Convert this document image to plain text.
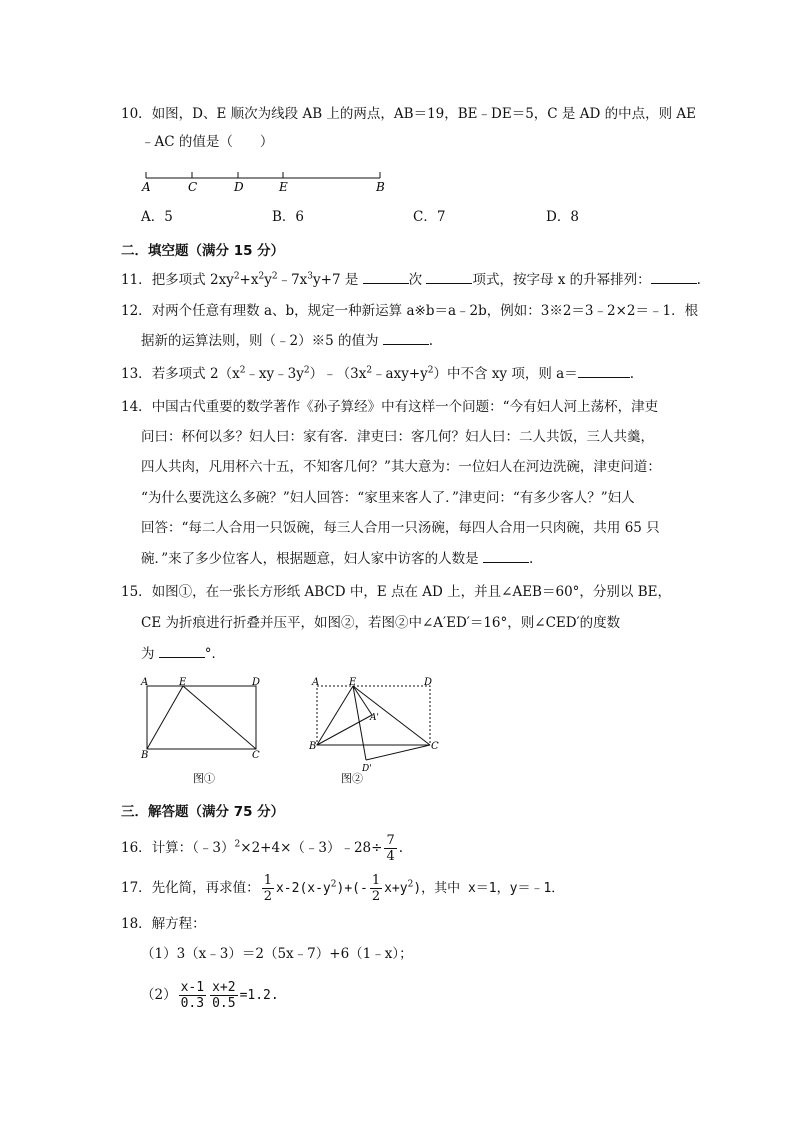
10．如图，D、E 顺次为线段 AB 上的两点，AB＝19，BE﹣DE＝5，C 是 AD 的中点，则 AE
﹣AC 的值是（　　）
A	C	D	E	B
A．5	B．6	C．7	D．8
二．填空题（满分 15 分）
11．把多项式 $2xy^2+x^2y^2﹣7x^3y+7$ 是	次	项式，按字母 x 的升幂排列：	.
12．对两个任意有理数 a、b，规定一种新运算 a※b＝a﹣2b，例如：3※2＝3﹣2×2＝﹣1．根
据新的运算法则，则（﹣2）※5 的值为	.
13．若多项式 $2(x^2﹣xy﹣3y^2)﹣(3x^2﹣axy+y^2)$中不含 xy 项，则 a＝	.
14．中国古代重要的数学著作《孙子算经》中有这样一个问题：“今有妇人河上荡杯，津吏
问曰：杯何以多？妇人曰：家有客．津吏曰：客几何？妇人曰：二人共饭，三人共羹，
四人共肉，凡用杯六十五，不知客几何？”其大意为：一位妇人在河边洗碗，津吏问道：
“为什么要洗这么多碗？”妇人回答：“家里来客人了．”津吏问：“有多少客人？”妇人
回答：“每二人合用一只饭碗，每三人合用一只汤碗，每四人合用一只肉碗，共用 65 只
碗．”来了多少位客人，根据题意，妇人家中访客的人数是	.
15．如图①，在一张长方形纸 ABCD 中，E 点在 AD 上，并且∠AEB＝60°，分别以 BE，
CE 为折痕进行折叠并压平，如图②，若图②中∠A′ED′＝16°，则∠CED′的度数
为	°．
A	E	D
B	C
图①
A	E	D
A'
B	C
D'
图②
三．解答题（满分 75 分）
16．计算：（﹣3）$^2$×2+4×（﹣3）﹣28÷ $\frac{7}{4}$ .
17．先化简，再求值： $\frac{1}{2} x-2(x-y^2)+(- \frac{1}{2} x+y^2)$，其中 x＝1，y＝﹣1．
18．解方程：
（1）3（x﹣3）＝2（5x﹣7）+6（1﹣x）；
$(2) \frac{x-1}{0.3} \frac{x+2}{0.5} =1.2$.
